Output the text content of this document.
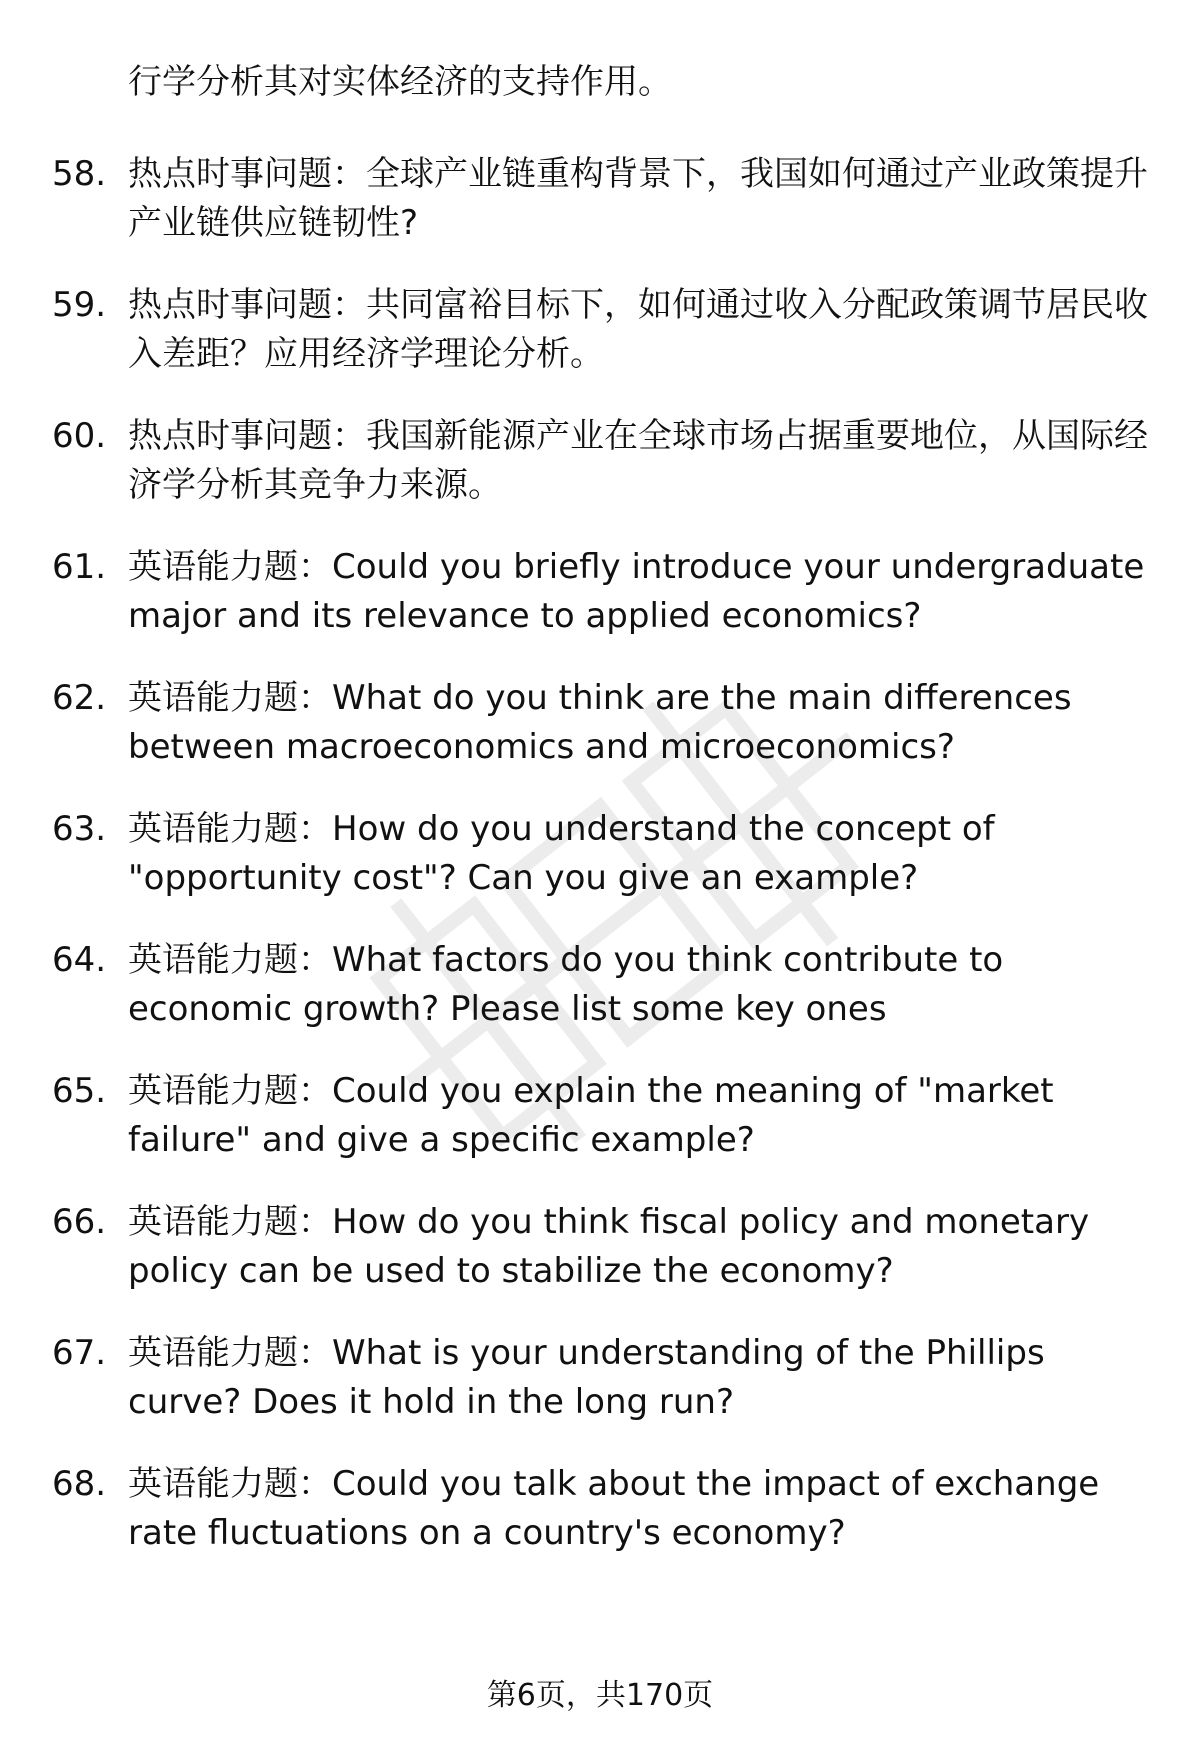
行学分析其对实体经济的支持作用。

58. 热点时事问题：全球产业链重构背景下，我国如何通过产业政策提升产业链供应链韧性?
59. 热点时事问题：共同富裕目标下，如何通过收入分配政策调节居民收入差距？应用经济学理论分析。
60. 热点时事问题：我国新能源产业在全球市场占据重要地位，从国际经济学分析其竞争力来源。
61. 英语能力题：Could you briefly introduce your undergraduate major and its relevance to applied economics?
62. 英语能力题：What do you think are the main differences between macroeconomics and microeconomics?
63. 英语能力题：How do you understand the concept of "opportunity cost"? Can you give an example?
64. 英语能力题：What factors do you think contribute to economic growth? Please list some key ones
65. 英语能力题：Could you explain the meaning of "market failure" and give a specific example?
66. 英语能力题：How do you think fiscal policy and monetary policy can be used to stabilize the economy?
67. 英语能力题：What is your understanding of the Phillips curve? Does it hold in the long run?
68. 英语能力题：Could you talk about the impact of exchange rate fluctuations on a country's economy?
第6页，共170页
